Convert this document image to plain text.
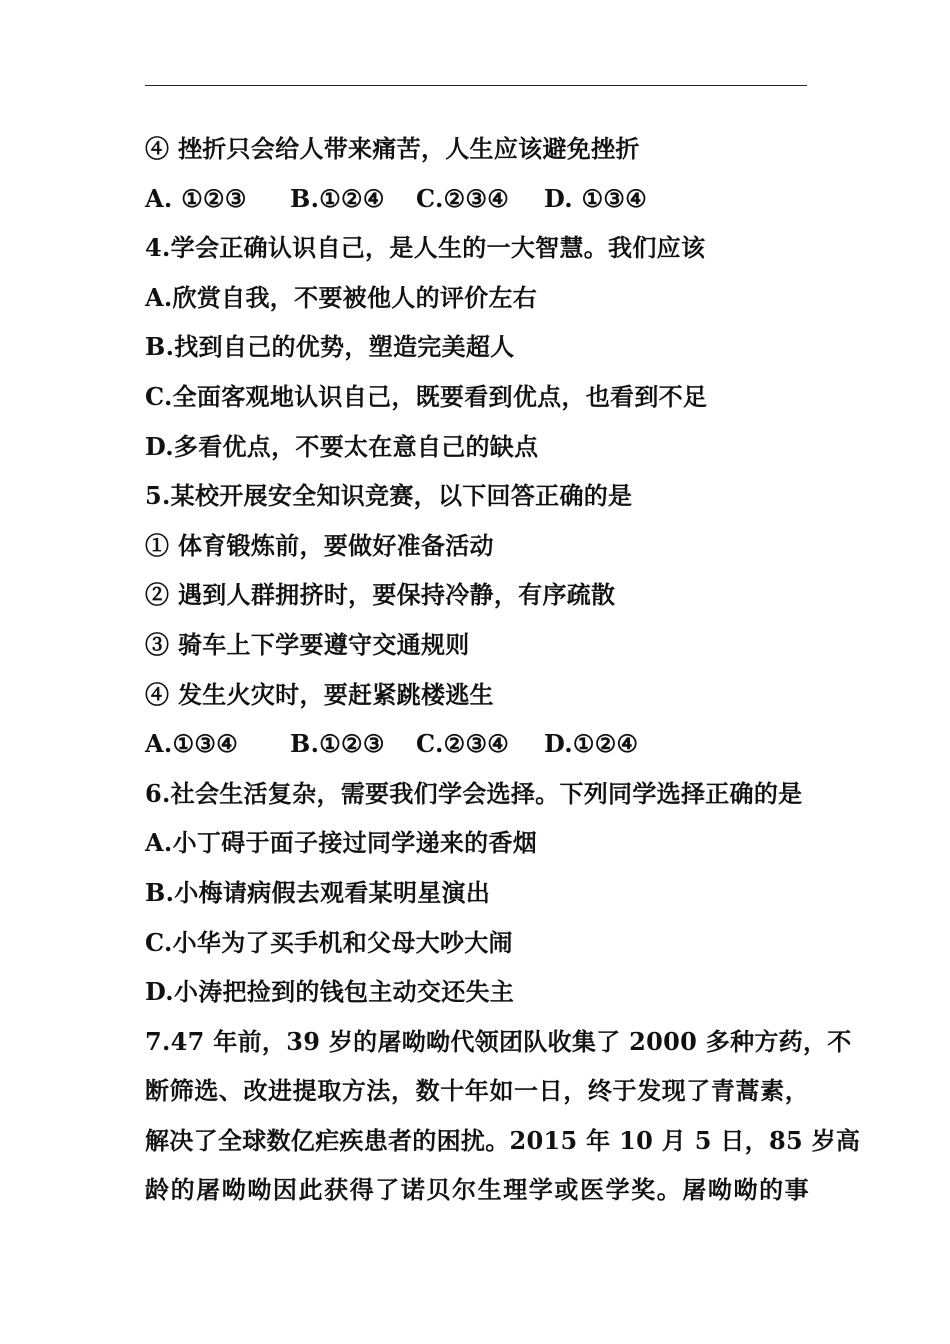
④ 挫折只会给人带来痛苦，人生应该避免挫折
A. ①②③ B.①②④ C.②③④ D. ①③④
4.学会正确认识自己，是人生的一大智慧。我们应该
A.欣赏自我，不要被他人的评价左右
B.找到自己的优势，塑造完美超人
C.全面客观地认识自己，既要看到优点，也看到不足
D.多看优点，不要太在意自己的缺点
5.某校开展安全知识竞赛，以下回答正确的是
① 体育锻炼前，要做好准备活动
② 遇到人群拥挤时，要保持冷静，有序疏散
③ 骑车上下学要遵守交通规则
④ 发生火灾时，要赶紧跳楼逃生
A.①③④ B.①②③ C.②③④ D.①②④
6.社会生活复杂，需要我们学会选择。下列同学选择正确的是
A.小丁碍于面子接过同学递来的香烟
B.小梅请病假去观看某明星演出
C.小华为了买手机和父母大吵大闹
D.小涛把捡到的钱包主动交还失主
7.47 年前，39 岁的屠呦呦代领团队收集了 2000 多种方药，不
断筛选、改进提取方法，数十年如一日，终于发现了青蒿素，
解决了全球数亿疟疾患者的困扰。2015 年 10 月 5 日，85 岁高
龄的屠呦呦因此获得了诺贝尔生理学或医学奖。屠呦呦的事
